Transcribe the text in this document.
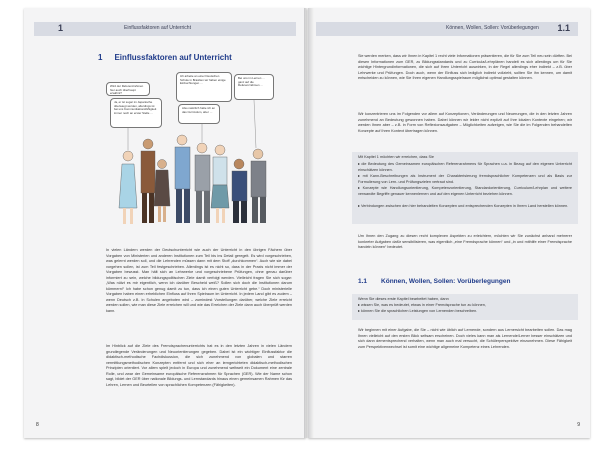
1	Einflussfaktoren auf Unterricht
1 Einflussfaktoren auf Unterricht
Wird der Referenzrahmen hier auch überhaupt erwähnt?
Ja, er ist sogar im Japanische überwiegt worden, allerdings ist bei uns Kommunikationsfähigkeit immer noch an erster Stelle …
Ich arbeite an einer Deutschen Schule in Brasilien wir haben einige Einbuchtungen …
Also natürlich halte ich an das Curriculum, aber …
Bei uns im Lernen … ganz auf die Referenzrahmen …
In vielen Ländern werden der Deutschunterricht wie auch der Unterricht in den übrigen Fächern über Vorgaben von Ministerien und anderen Institutionen zum Teil bis ins Detail geregelt. Es wird vorgeschrieben, was gelernt werden soll, und die Lehrenden müssen dann mit dem Stoff „durchkommen“. Auch wie sie dabei vorgehen sollen, ist zum Teil festgeschrieben. Allerdings ist es nicht so, dass in der Praxis nicht immer der Vorgaben bewusst. Man hält sich an Lehrwerke und vorgeschriebene Prüfungen, ohne genau darüber informiert zu sein, welche bildungspolitischen Ziele damit verfolgt werden. Vielleicht fragen Sie sich sogar: „Was nützt es mir eigentlich, wenn ich darüber Bescheid weiß? Sollen sich doch die Institutionen darum kümmern!“ Ich habe schon genug damit zu tun, dass ich einen guten Unterricht gebe.“ Doch ministerielle Vorgaben haben einen erheblichen Einfluss auf Ihren Spielraum im Unterricht. In jedem Land gibt es zudem – wenn Deutsch z.B. in Schulen angeboten wird – zumindest Vorstellungen darüber, welche Ziele erreicht werden sollen, wie man diese Ziele erreichen will und wie das Erreichen der Ziele dann auch überprüft werden kann.
Im Hinblick auf die Ziele des Fremdsprachenunterrichts hat es in den letzten Jahren in vielen Ländern grundlegende Veränderungen und Neuorientierungen gegeben. Dabei ist ein wichtiger Einflussfaktor die didaktisch-methodische Fachdiskussion, die sich zunehmend von globalen und starren vermittlungsmethodischen Konzepten entfernt und sich eher an lerngerichteten didaktisch-methodischen Prinzipien orientiert. Vor allem spielt jedoch in Europa und zunehmend weltweit ein Dokument eine zentrale Rolle, und zwar der Gemeinsame europäische Referenzrahmen für Sprachen (GER). Wie der Name schon sagt, bildet der GER über nationale Bildungs- und Lernstandards hinaus einen gemeinsamen Rahmen für das Lehren, Lernen und Beurteilen von sprachlichen Kompetenzen (Fähigkeiten).
8
Können, Wollen, Sollen: Vorüberlegungen 1.1
Sie werden merken, dass wir Ihnen in Kapitel 1 recht viele Informationen präsentieren, die für Sie zum Teil neu sein dürften. Bei diesen Informationen zum GER, zu Bildungsstandards und zu Curricula/Lehrplänen handelt es sich allerdings um für Sie wichtige Hintergrundinformationen, die sich auf Ihren Unterricht auswirken, in der Regel allerdings eher indirekt – z.B. über Lehrwerke und Prüfungen. Doch auch, wenn der Einfluss sich lediglich indirekt vollzieht, sollten Sie ihn kennen, um damit entscheiden zu können, wie Sie Ihren eigenen Handlungsspielraum möglichst optimal gestalten können.
Wir konzentrieren uns im Folgenden vor allem auf Konzeptionen, Veränderungen und Neuerungen, die in den letzten Jahren zunehmend an Bedeutung gewonnen haben. Dabei können wir leider nicht explizit auf Ihre lokalen Kontexte eingehen; wir werden Ihnen aber – z.B. in Form von Reflexionsaufgaben – Möglichkeiten aufzeigen, wie Sie die im Folgenden behandelten Konzepte auf Ihren Kontext übertragen können.
Mit Kapitel 1 möchten wir erreichen, dass Sie
▸ die Bedeutung des Gemeinsamen europäischen Referenzrahmens für Sprachen u.a. in Bezug auf den eigenen Unterricht einschätzen können.
▸ mit Kann-Beschreibungen als Instrument der Charakterisierung fremdsprachlicher Kompetenzen und als Basis zur Formulierung von Lern- und Prüfungszielen vertraut sind.
▸ Konzepte wie Handlungsorientierung, Kompetenzorientierung, Standardorientierung, Curriculum/Lehrplan und weitere verwandte Begriffe genauer kennenlernen und auf den eigenen Unterricht beziehen können.
▸ Verbindungen zwischen den hier behandelten Konzepten und entsprechenden Konzepten in Ihrem Land herstellen können.
Um Ihnen den Zugang zu diesen recht komplexen Aspekten zu erleichtern, möchten wir Sie zunächst anhand mehrerer konkreter Aufgaben dafür sensibilisieren, was eigentlich „eine Fremdsprache können“ und „in und mithilfe einer Fremdsprache handeln können“ bedeutet.
1.1 Können, Wollen, Sollen: Vorüberlegungen
Wenn Sie dieses erste Kapitel bearbeitet haben, dann
▸ wissen Sie, was es bedeutet, etwas in einer Fremdsprache tun zu können,
▸ können Sie die sprachlichen Leistungen von Lernenden beschreiben.
Wir beginnen mit einer Aufgabe, die Sie – nicht wie üblich auf Lernende, sondern aus Lernersicht bearbeiten sollen. Das mag Ihnen vielleicht auf den ersten Blick seltsam erscheinen. Doch vieles kann man als Lernende/Lerner besser einschätzen und sich dann dementsprechend verhalten, wenn man auch mal versucht, die Schülerperspektive einzunehmen. Diese Fähigkeit zum Perspektivenwechsel ist somit eine wichtige allgemeine Kompetenz eines Lehrenden.
9
